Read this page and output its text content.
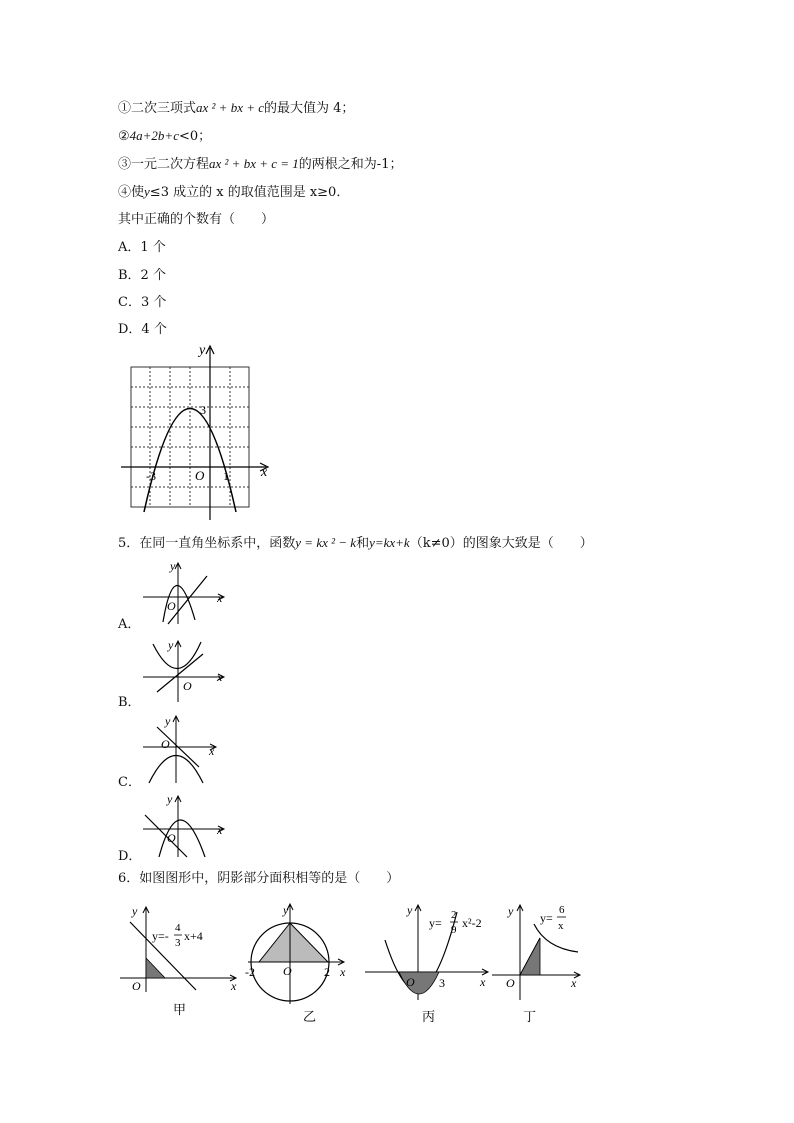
①二次三项式ax ² + bx + c的最大值为 4；
②4a+2b+c<0；
③一元二次方程ax ² + bx + c = 1的两根之和为-1；
④使y≤3 成立的 x 的取值范围是 x≥0．
其中正确的个数有（　　）
A．1 个
B．2 个
C．3 个
D．4 个
y
x
O
-3	1
3
5．在同一直角坐标系中，函数y = kx ² − k和y=kx+k（k≠0）的图象大致是（　　）
A．
y
x
O
B．
y
x
O
C．
y
x
O
D．
y
x
O
6．如图图形中，阴影部分面积相等的是（　　）
y
x
O
y=-
4
3 x+4
甲
y
x
O
-2	2
乙
y
x
O 3
y=
2
9 x²-2
丙
y
x
O
y=
6
x
丁
